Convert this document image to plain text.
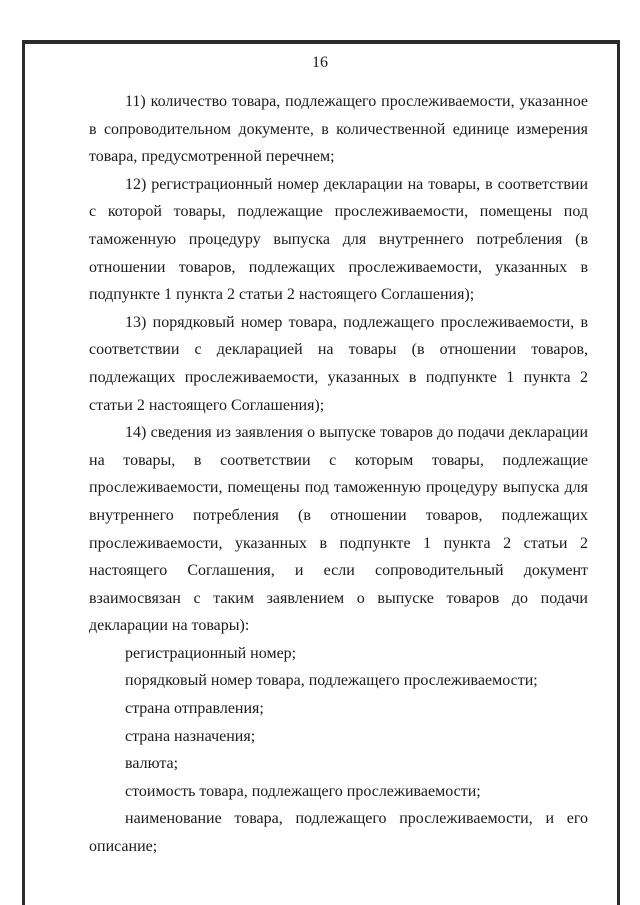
16

11) количество товара, подлежащего прослеживаемости, указанное в сопроводительном документе, в количественной единице измерения товара, предусмотренной перечнем;

12) регистрационный номер декларации на товары, в соответствии с которой товары, подлежащие прослеживаемости, помещены под таможенную процедуру выпуска для внутреннего потребления (в отношении товаров, подлежащих прослеживаемости, указанных в подпункте 1 пункта 2 статьи 2 настоящего Соглашения);

13) порядковый номер товара, подлежащего прослеживаемости, в соответствии с декларацией на товары (в отношении товаров, подлежащих прослеживаемости, указанных в подпункте 1 пункта 2 статьи 2 настоящего Соглашения);

14) сведения из заявления о выпуске товаров до подачи декларации на товары, в соответствии с которым товары, подлежащие прослеживаемости, помещены под таможенную процедуру выпуска для внутреннего потребления (в отношении товаров, подлежащих прослеживаемости, указанных в подпункте 1 пункта 2 статьи 2 настоящего Соглашения, и если сопроводительный документ взаимосвязан с таким заявлением о выпуске товаров до подачи декларации на товары):

регистрационный номер;

порядковый номер товара, подлежащего прослеживаемости;

страна отправления;

страна назначения;

валюта;

стоимость товара, подлежащего прослеживаемости;

наименование товара, подлежащего прослеживаемости, и его описание;
